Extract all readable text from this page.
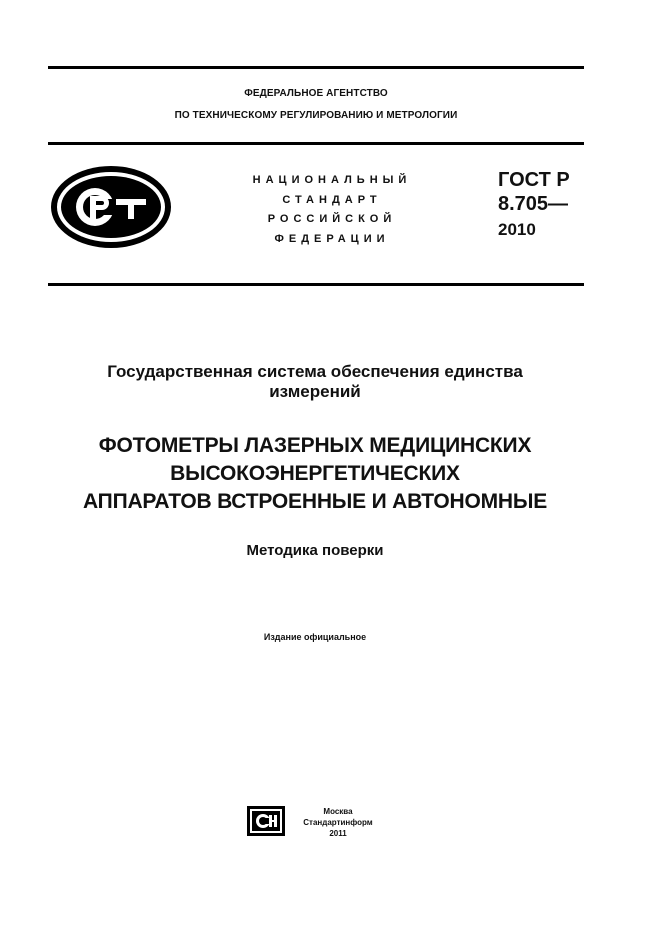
ФЕДЕРАЛЬНОЕ АГЕНТСТВО
ПО ТЕХНИЧЕСКОМУ РЕГУЛИРОВАНИЮ И МЕТРОЛОГИИ
НАЦИОНАЛЬНЫЙ
СТАНДАРТ
РОССИЙСКОЙ
ФЕДЕРАЦИИ
ГОСТ Р
8.705—
2010
Государственная система обеспечения единства
измерений
ФОТОМЕТРЫ ЛАЗЕРНЫХ МЕДИЦИНСКИХ
ВЫСОКОЭНЕРГЕТИЧЕСКИХ
АППАРАТОВ ВСТРОЕННЫЕ И АВТОНОМНЫЕ
Методика поверки
Издание официальное
Москва
Стандартинформ
2011
